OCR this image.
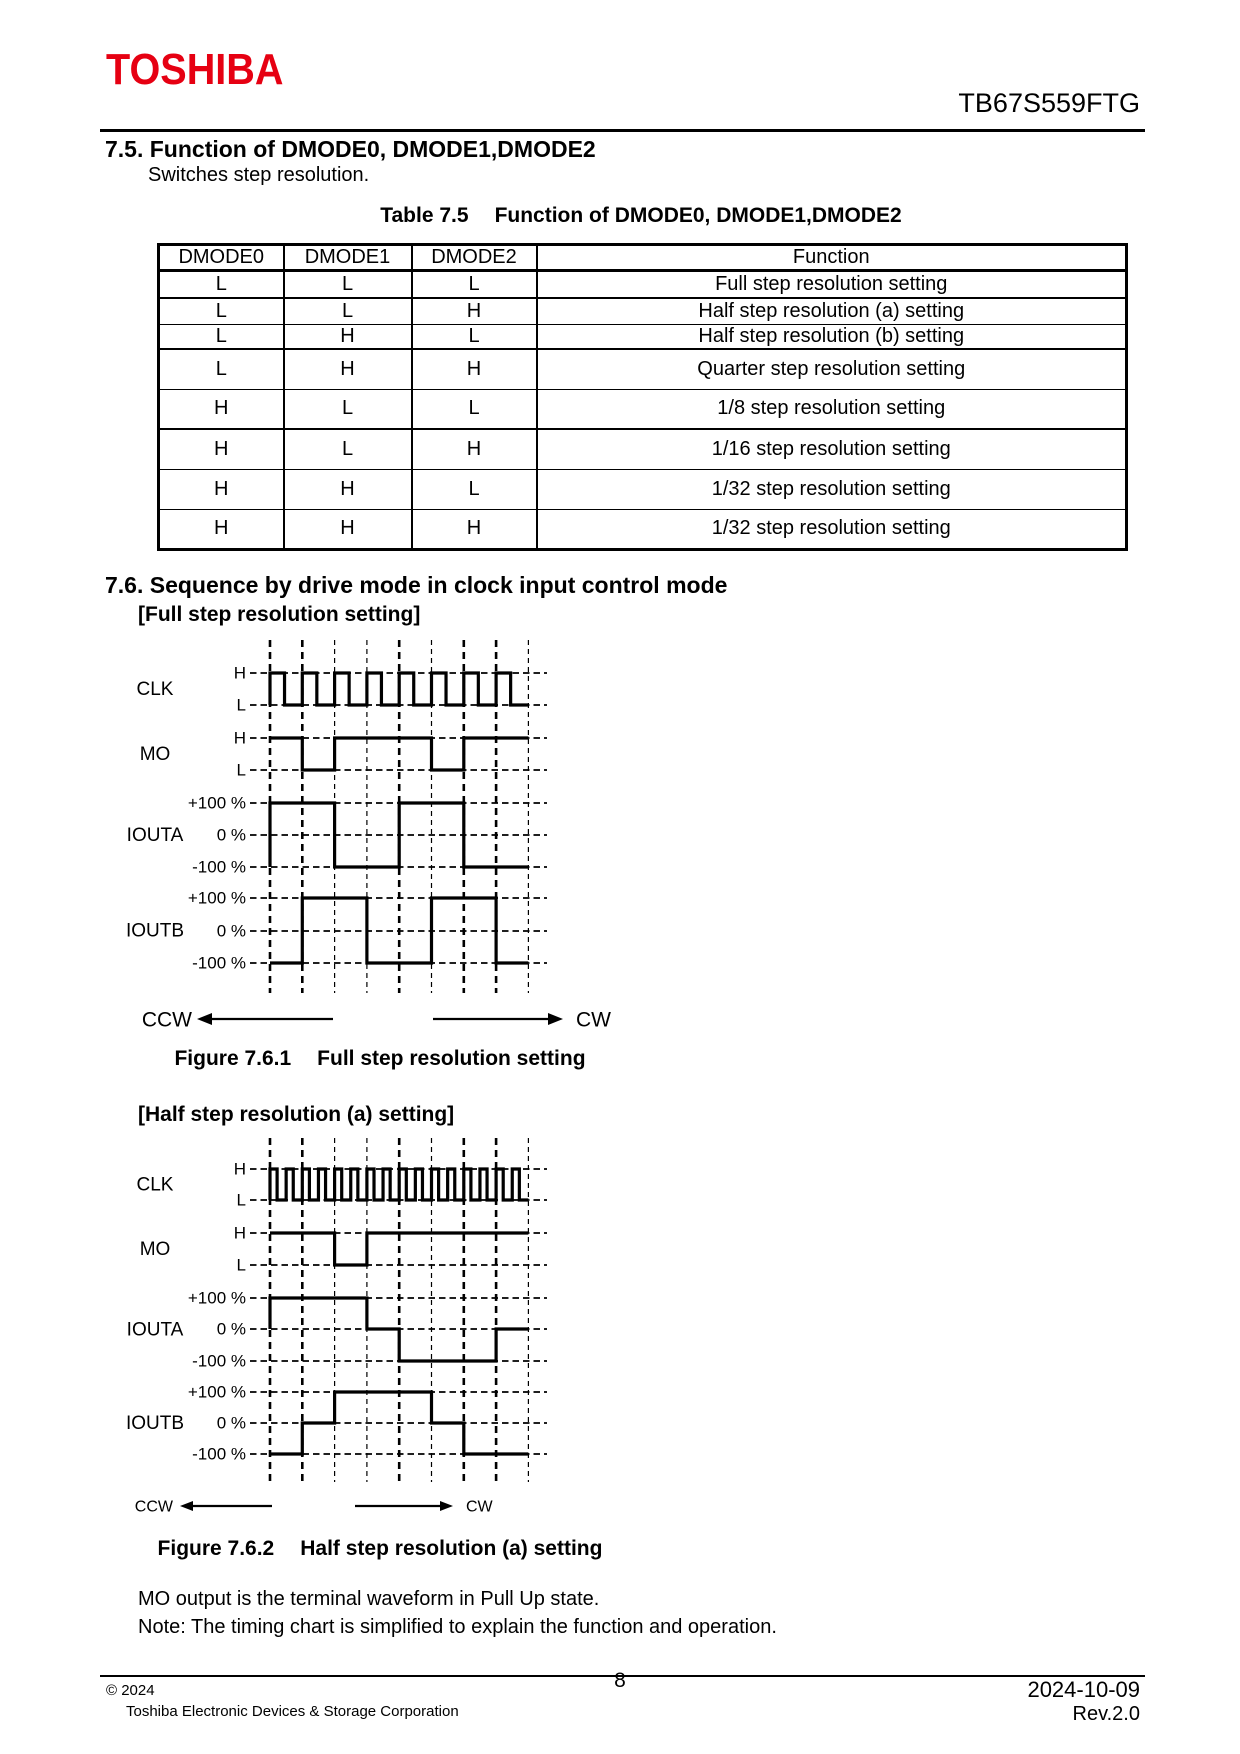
TOSHIBA
TB67S559FTG
7.5. Function of DMODE0, DMODE1,DMODE2
Switches step resolution.
Table 7.5 Function of DMODE0, DMODE1,DMODE2
DMODE0	DMODE1	DMODE2	Function
L	L	L	Full step resolution setting
L	L	H	Half step resolution (a) setting
L	H	L	Half step resolution (b) setting
L	H	H	Quarter step resolution setting
H	L	L	1/8 step resolution setting
H	L	H	1/16 step resolution setting
H	H	L	1/32 step resolution setting
H	H	H	1/32 step resolution setting
7.6. Sequence by drive mode in clock input control mode
[Full step resolution setting]
H
L
CLK
H
L
MO
+100 %
0 %
-100 %
IOUTA
+100 %
0 %
-100 %
IOUTB
CCW	CW
Figure 7.6.1 Full step resolution setting
[Half step resolution (a) setting]
H
L
CLK
H
L
MO
+100 %
0 %
-100 %
IOUTA
+100 %
0 %
-100 %
IOUTB
CCW	CW
Figure 7.6.2 Half step resolution (a) setting
MO output is the terminal waveform in Pull Up state.
Note: The timing chart is simplified to explain the function and operation.
© 2024
Toshiba Electronic Devices & Storage Corporation
8	2024-10-09
Rev.2.0
